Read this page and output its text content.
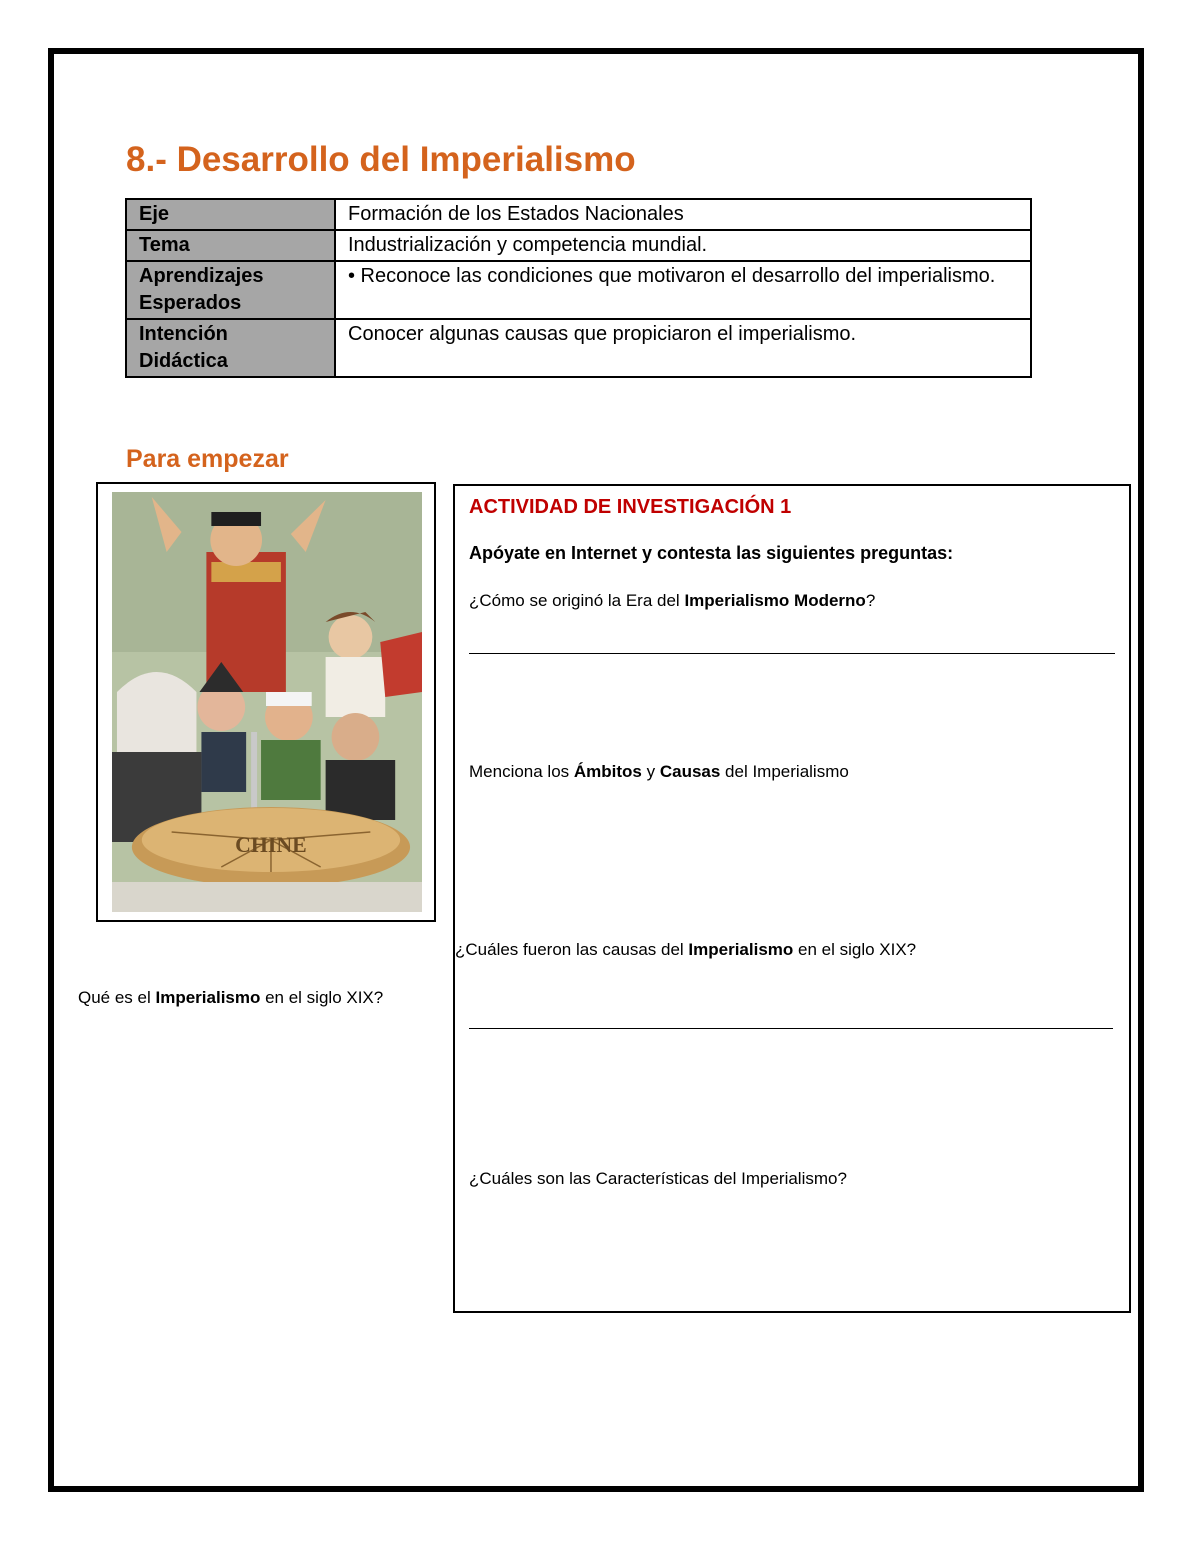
8.- Desarrollo del Imperialismo
Eje	Formación de los Estados Nacionales
Tema	Industrialización y competencia mundial.
Aprendizajes Esperados	• Reconoce las condiciones que motivaron el desarrollo del imperialismo.
Intención Didáctica	Conocer algunas causas que propiciaron el imperialismo.
Para empezar
CHINE
ACTIVIDAD DE INVESTIGACIÓN 1
Apóyate en Internet y contesta las siguientes preguntas:
¿Cómo se originó la Era del Imperialismo Moderno?
Menciona los Ámbitos y Causas del Imperialismo
¿Cuáles fueron las causas del Imperialismo en el siglo XIX?
¿Cuáles son las Características del Imperialismo?
Qué es el Imperialismo en el siglo XIX?
